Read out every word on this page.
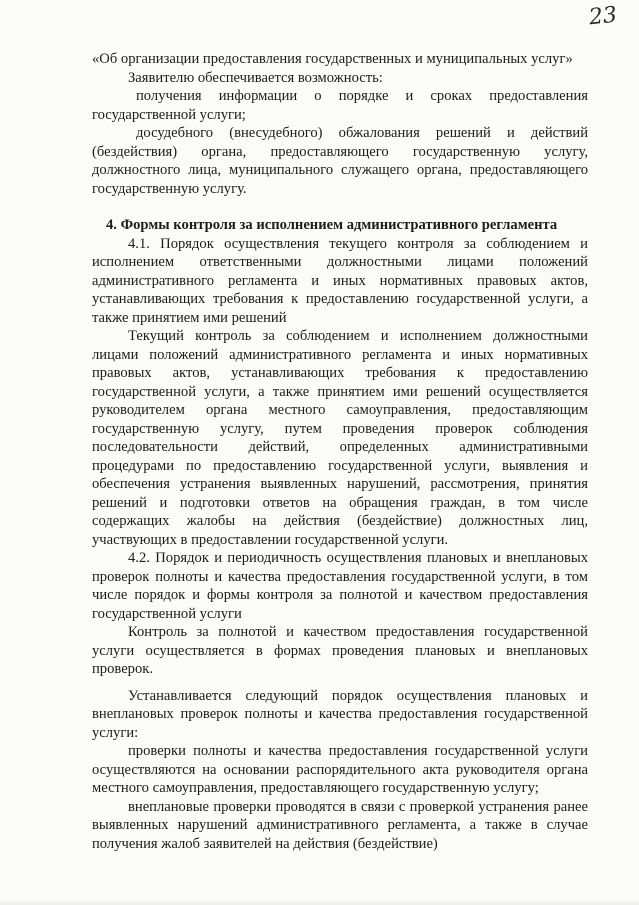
23

«Об организации предоставления государственных и муниципальных услуг»

Заявителю обеспечивается возможность:

получения информации о порядке и сроках предоставления государственной услуги;

досудебного (внесудебного) обжалования решений и действий (бездействия) органа, предоставляющего государственную услугу, должностного лица, муниципального служащего органа, предоставляющего государственную услугу.

4. Формы контроля за исполнением административного регламента

4.1. Порядок осуществления текущего контроля за соблюдением и исполнением ответственными должностными лицами положений административного регламента и иных нормативных правовых актов, устанавливающих требования к предоставлению государственной услуги, а также принятием ими решений

Текущий контроль за соблюдением и исполнением должностными лицами положений административного регламента и иных нормативных правовых актов, устанавливающих требования к предоставлению государственной услуги, а также принятием ими решений осуществляется руководителем органа местного самоуправления, предоставляющим государственную услугу, путем проведения проверок соблюдения последовательности действий, определенных административными процедурами по предоставлению государственной услуги, выявления и обеспечения устранения выявленных нарушений, рассмотрения, принятия решений и подготовки ответов на обращения граждан, в том числе содержащих жалобы на действия (бездействие) должностных лиц, участвующих в предоставлении государственной услуги.

4.2. Порядок и периодичность осуществления плановых и внеплановых проверок полноты и качества предоставления государственной услуги, в том числе порядок и формы контроля за полнотой и качеством предоставления государственной услуги

Контроль за полнотой и качеством предоставления государственной услуги осуществляется в формах проведения плановых и внеплановых проверок.

Устанавливается следующий порядок осуществления плановых и внеплановых проверок полноты и качества предоставления государственной услуги:

проверки полноты и качества предоставления государственной услуги осуществляются на основании распорядительного акта руководителя органа местного самоуправления, предоставляющего государственную услугу;

внеплановые проверки проводятся в связи с проверкой устранения ранее выявленных нарушений административного регламента, а также в случае получения жалоб заявителей на действия (бездействие)
